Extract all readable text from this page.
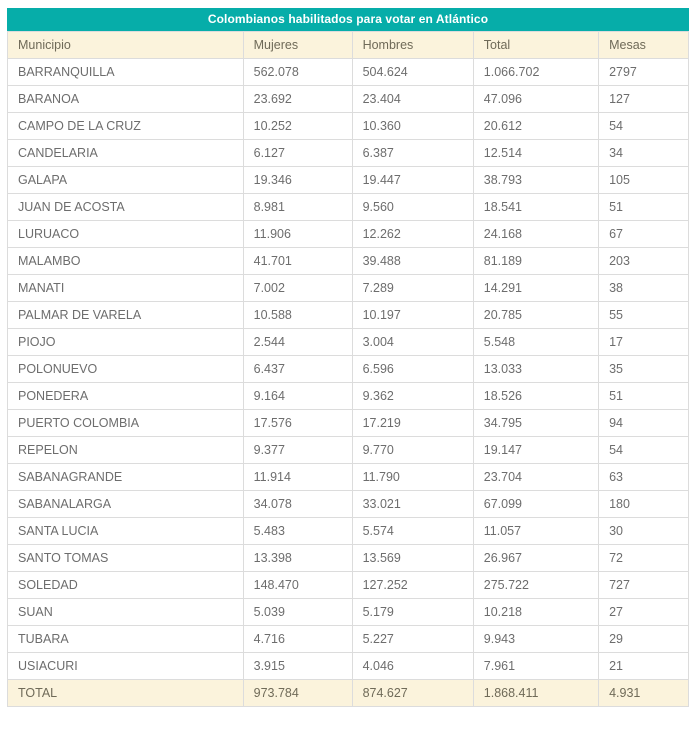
Colombianos habilitados para votar en Atlántico
Municipio	Mujeres	Hombres	Total	Mesas
BARRANQUILLA	562.078	504.624	1.066.702	2797
BARANOA	23.692	23.404	47.096	127
CAMPO DE LA CRUZ	10.252	10.360	20.612	54
CANDELARIA	6.127	6.387	12.514	34
GALAPA	19.346	19.447	38.793	105
JUAN DE ACOSTA	8.981	9.560	18.541	51
LURUACO	11.906	12.262	24.168	67
MALAMBO	41.701	39.488	81.189	203
MANATI	7.002	7.289	14.291	38
PALMAR DE VARELA	10.588	10.197	20.785	55
PIOJO	2.544	3.004	5.548	17
POLONUEVO	6.437	6.596	13.033	35
PONEDERA	9.164	9.362	18.526	51
PUERTO COLOMBIA	17.576	17.219	34.795	94
REPELON	9.377	9.770	19.147	54
SABANAGRANDE	11.914	11.790	23.704	63
SABANALARGA	34.078	33.021	67.099	180
SANTA LUCIA	5.483	5.574	11.057	30
SANTO TOMAS	13.398	13.569	26.967	72
SOLEDAD	148.470	127.252	275.722	727
SUAN	5.039	5.179	10.218	27
TUBARA	4.716	5.227	9.943	29
USIACURI	3.915	4.046	7.961	21
TOTAL	973.784	874.627	1.868.411	4.931
